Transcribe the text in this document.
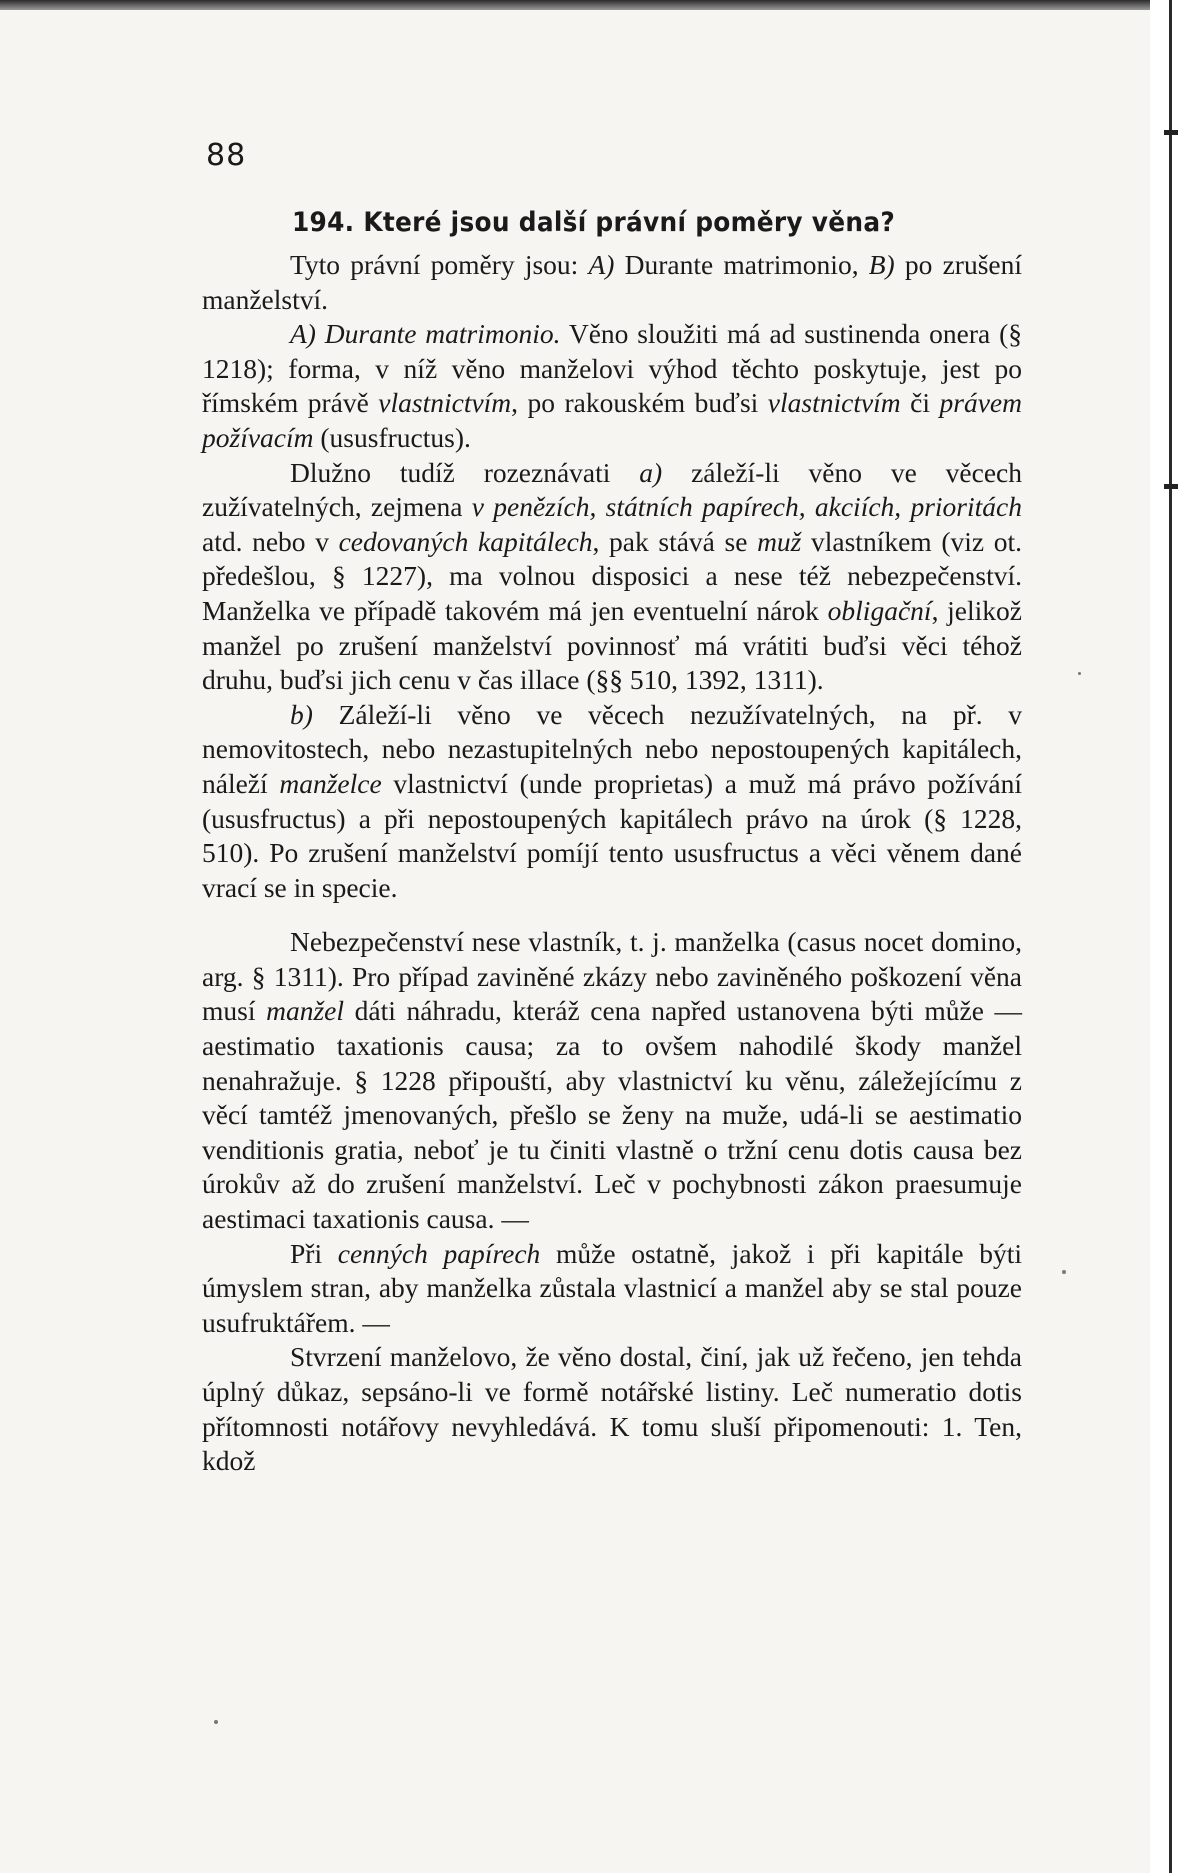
88
194. Které jsou další právní poměry věna?

Tyto právní poměry jsou: A) Durante matrimonio, B) po zrušení manželství.

A) Durante matrimonio. Věno sloužiti má ad sustinenda onera (§ 1218); forma, v níž věno manželovi výhod těchto poskytuje, jest po římském právě vlastnictvím, po rakouském buďsi vlastnictvím či právem požívacím (ususfructus).

Dlužno tudíž rozeznávati a) záleží-li věno ve věcech zužívatelných, zejmena v penězích, státních papírech, akciích, prioritách atd. nebo v cedovaných kapitálech, pak stává se muž vlastníkem (viz ot. předešlou, § 1227), ma volnou disposici a nese též nebezpečenství. Manželka ve případě takovém má jen eventuelní nárok obligační, jelikož manžel po zrušení manželství povinnosť má vrátiti buďsi věci téhož druhu, buďsi jich cenu v čas illace (§§ 510, 1392, 1311).

b) Záleží-li věno ve věcech nezužívatelných, na př. v nemovitostech, nebo nezastupitelných nebo nepostoupených kapitálech, náleží manželce vlastnictví (unde proprietas) a muž má právo požívání (ususfructus) a při nepostoupených kapitálech právo na úrok (§ 1228, 510). Po zrušení manželství pomíjí tento ususfructus a věci věnem dané vrací se in specie.

Nebezpečenství nese vlastník, t. j. manželka (casus nocet domino, arg. § 1311). Pro případ zaviněné zkázy nebo zaviněného poškození věna musí manžel dáti náhradu, kteráž cena napřed ustanovena býti může — aestimatio taxationis causa; za to ovšem nahodilé škody manžel nenahražuje. § 1228 připouští, aby vlastnictví ku věnu, záležejícímu z věcí tamtéž jmenovaných, přešlo se ženy na muže, udá-li se aestimatio venditionis gratia, neboť je tu činiti vlastně o tržní cenu dotis causa bez úrokův až do zrušení manželství. Leč v pochybnosti zákon praesumuje aestimaci taxationis causa. —

Při cenných papírech může ostatně, jakož i při kapitále býti úmyslem stran, aby manželka zůstala vlastnicí a manžel aby se stal pouze usufruktářem. —

Stvrzení manželovo, že věno dostal, činí, jak už řečeno, jen tehda úplný důkaz, sepsáno-li ve formě notářské listiny. Leč numeratio dotis přítomnosti notářovy nevyhledává. K tomu sluší připomenouti: 1. Ten, kdož
